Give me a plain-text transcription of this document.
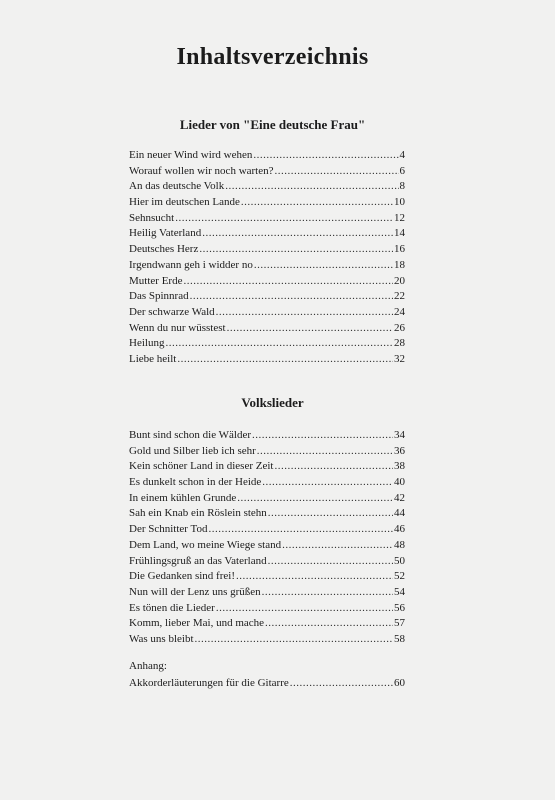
Inhaltsverzeichnis
Lieder von "Eine deutsche Frau"
Ein neuer Wind wird wehen .....	4
Worauf wollen wir noch warten? .....	6
An das deutsche Volk .....	8
Hier im deutschen Lande .....	10
Sehnsucht .....	12
Heilig Vaterland .....	14
Deutsches Herz .....	16
Irgendwann geh i widder no .....	18
Mutter Erde .....	20
Das Spinnrad .....	22
Der schwarze Wald .....	24
Wenn du nur wüsstest .....	26
Heilung .....	28
Liebe heilt .....	32
Volkslieder
Bunt sind schon die Wälder .....	34
Gold und Silber lieb ich sehr .....	36
Kein schöner Land in dieser Zeit .....	38
Es dunkelt schon in der Heide .....	40
In einem kühlen Grunde .....	42
Sah ein Knab ein Röslein stehn .....	44
Der Schnitter Tod .....	46
Dem Land, wo meine Wiege stand .....	48
Frühlingsgruß an das Vaterland .....	50
Die Gedanken sind frei! .....	52
Nun will der Lenz uns grüßen .....	54
Es tönen die Lieder .....	56
Komm, lieber Mai, und mache .....	57
Was uns bleibt .....	58
Anhang:
Akkorderläuterungen für die Gitarre .....	60
